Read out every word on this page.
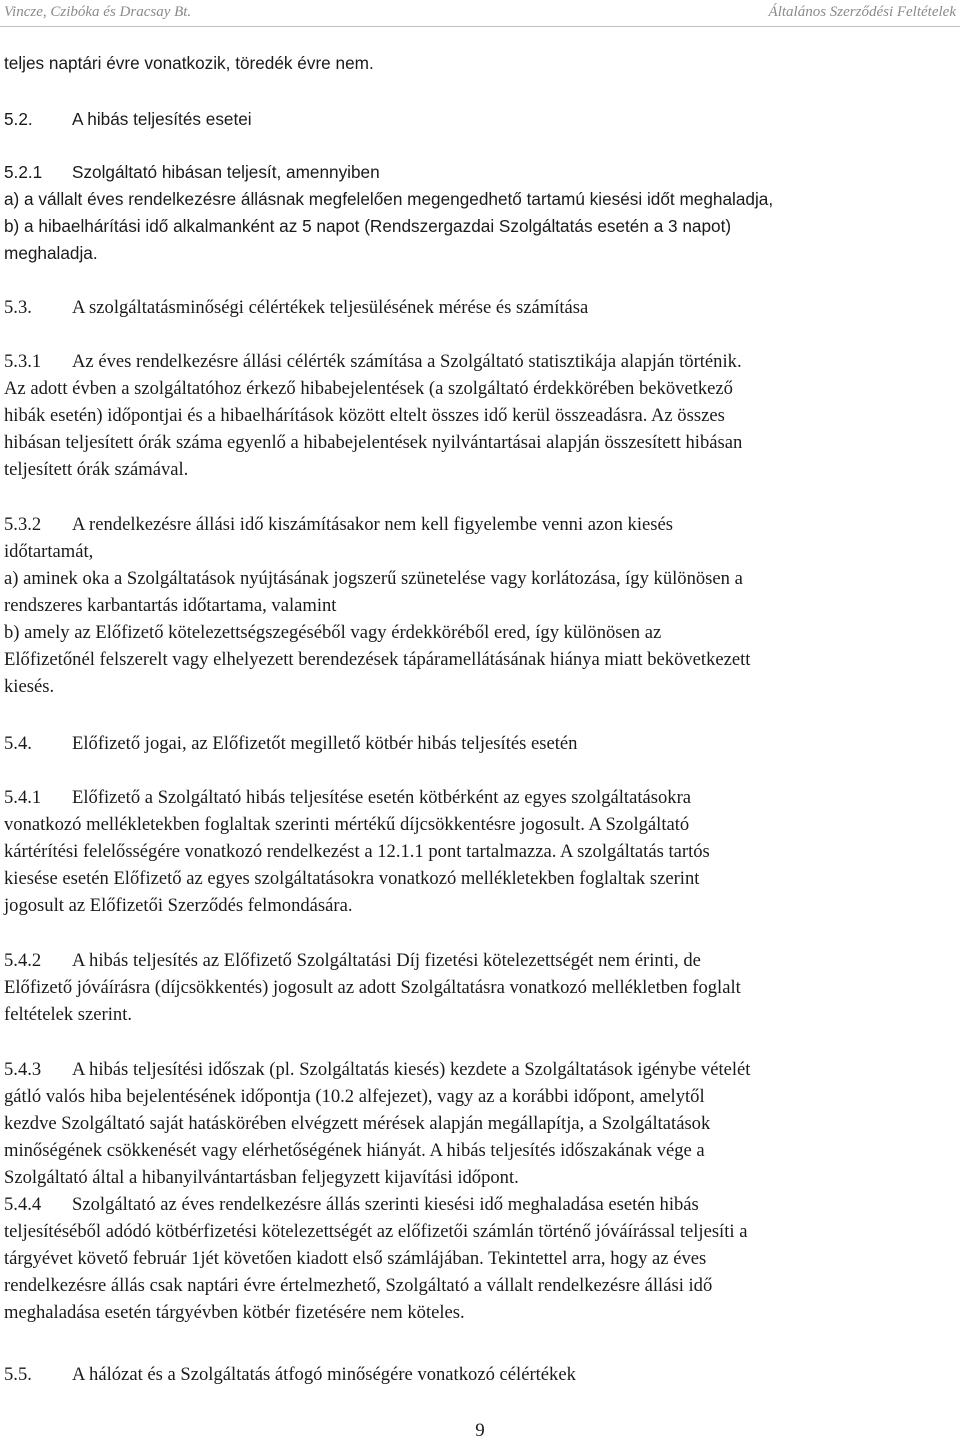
Vincze, Czibóka és Dracsay Bt.	Általános Szerződési Feltételek
teljes naptári évre vonatkozik, töredék évre nem.
5.2. A hibás teljesítés esetei
5.2.1 Szolgáltató hibásan teljesít, amennyiben
a) a vállalt éves rendelkezésre állásnak megfelelően megengedhető tartamú kiesési időt meghaladja,
b) a hibaelhárítási idő alkalmanként az 5 napot (Rendszergazdai Szolgáltatás esetén a 3 napot)
meghaladja.
5.3. A szolgáltatásminőségi célértékek teljesülésének mérése és számítása
5.3.1 Az éves rendelkezésre állási célérték számítása a Szolgáltató statisztikája alapján történik.
Az adott évben a szolgáltatóhoz érkező hibabejelentések (a szolgáltató érdekkörében bekövetkező
hibák esetén) időpontjai és a hibaelhárítások között eltelt összes idő kerül összeadásra. Az összes
hibásan teljesített órák száma egyenlő a hibabejelentések nyilvántartásai alapján összesített hibásan
teljesített órák számával.
5.3.2 A rendelkezésre állási idő kiszámításakor nem kell figyelembe venni azon kiesés
időtartamát,
a) aminek oka a Szolgáltatások nyújtásának jogszerű szünetelése vagy korlátozása, így különösen a
rendszeres karbantartás időtartama, valamint
b) amely az Előfizető kötelezettségszegéséből vagy érdekköréből ered, így különösen az
Előfizetőnél felszerelt vagy elhelyezett berendezések tápáramellátásának hiánya miatt bekövetkezett
kiesés.
5.4. Előfizető jogai, az Előfizetőt megillető kötbér hibás teljesítés esetén
5.4.1 Előfizető a Szolgáltató hibás teljesítése esetén kötbérként az egyes szolgáltatásokra
vonatkozó mellékletekben foglaltak szerinti mértékű díjcsökkentésre jogosult. A Szolgáltató
kártérítési felelősségére vonatkozó rendelkezést a 12.1.1 pont tartalmazza. A szolgáltatás tartós
kiesése esetén Előfizető az egyes szolgáltatásokra vonatkozó mellékletekben foglaltak szerint
jogosult az Előfizetői Szerződés felmondására.
5.4.2 A hibás teljesítés az Előfizető Szolgáltatási Díj fizetési kötelezettségét nem érinti, de
Előfizető jóváírásra (díjcsökkentés) jogosult az adott Szolgáltatásra vonatkozó mellékletben foglalt
feltételek szerint.
5.4.3 A hibás teljesítési időszak (pl. Szolgáltatás kiesés) kezdete a Szolgáltatások igénybe vételét
gátló valós hiba bejelentésének időpontja (10.2 alfejezet), vagy az a korábbi időpont, amelytől
kezdve Szolgáltató saját hatáskörében elvégzett mérések alapján megállapítja, a Szolgáltatások
minőségének csökkenését vagy elérhetőségének hiányát. A hibás teljesítés időszakának vége a
Szolgáltató által a hibanyilvántartásban feljegyzett kijavítási időpont.
5.4.4 Szolgáltató az éves rendelkezésre állás szerinti kiesési idő meghaladása esetén hibás
teljesítéséből adódó kötbérfizetési kötelezettségét az előfizetői számlán történő jóváírással teljesíti a
tárgyévet követő február 1jét követően kiadott első számlájában. Tekintettel arra, hogy az éves
rendelkezésre állás csak naptári évre értelmezhető, Szolgáltató a vállalt rendelkezésre állási idő
meghaladása esetén tárgyévben kötbér fizetésére nem köteles.
5.5. A hálózat és a Szolgáltatás átfogó minőségére vonatkozó célértékek
9
